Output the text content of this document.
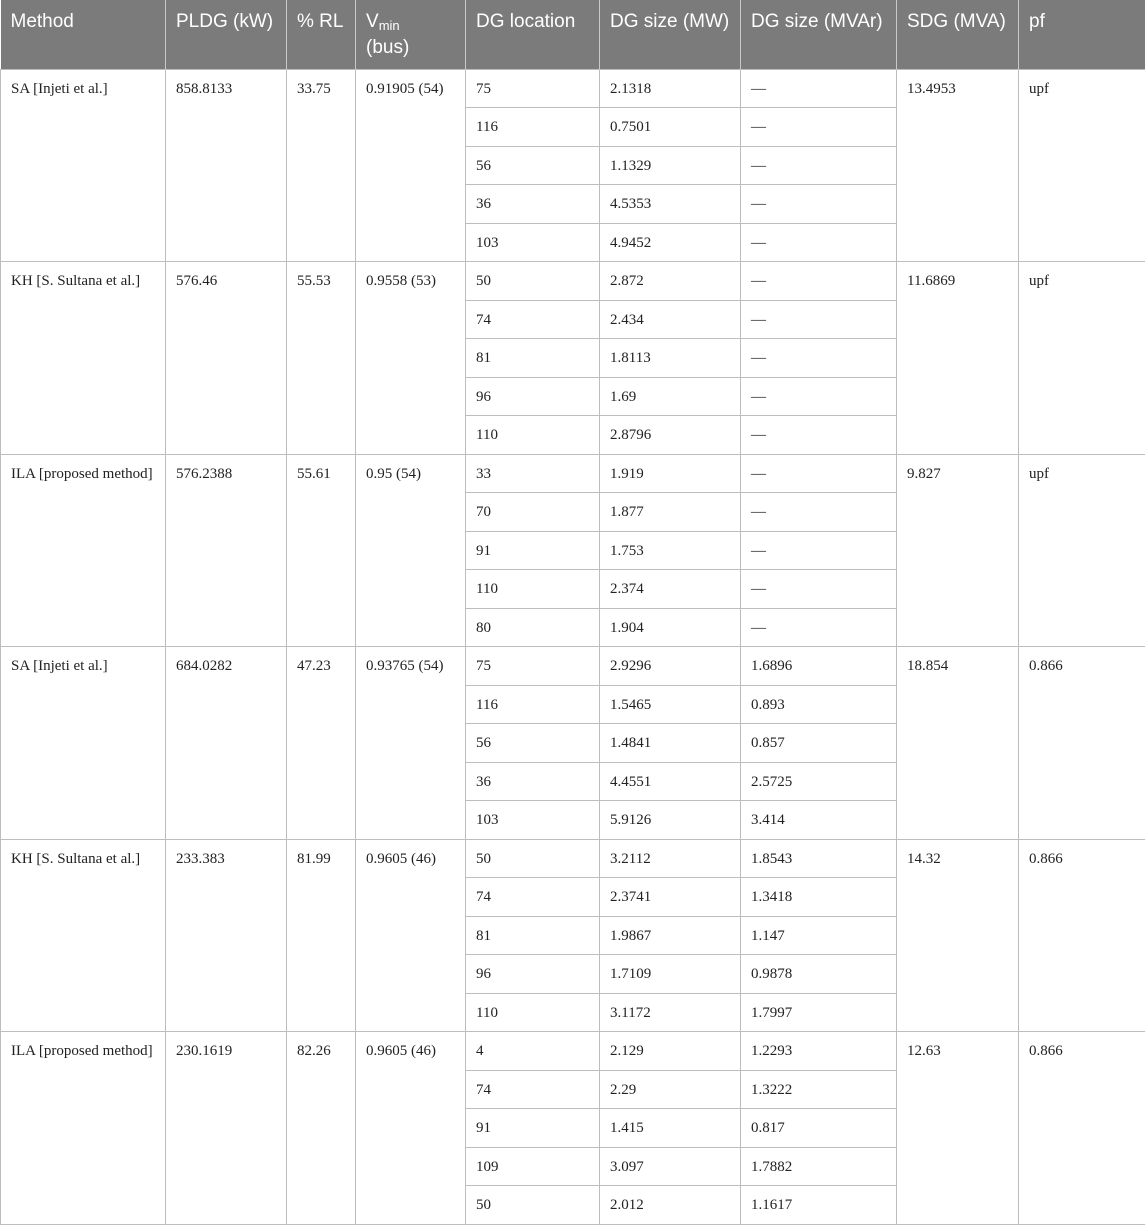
Method	PLDG (kW)	% RL	Vmin
(bus)	DG location	DG size (MW)	DG size (MVAr)	SDG (MVA)	pf
SA [Injeti et al.]	858.8133	33.75	0.91905 (54)	75	2.1318	—	13.4953	upf
				116	0.7501	—		
				56	1.1329	—		
				36	4.5353	—		
				103	4.9452	—		
KH [S. Sultana et al.]	576.46	55.53	0.9558 (53)	50	2.872	—	11.6869	upf
				74	2.434	—		
				81	1.8113	—		
				96	1.69	—		
				110	2.8796	—		
ILA [proposed method]	576.2388	55.61	0.95 (54)	33	1.919	—	9.827	upf
				70	1.877	—		
				91	1.753	—		
				110	2.374	—		
				80	1.904	—		
SA [Injeti et al.]	684.0282	47.23	0.93765 (54)	75	2.9296	1.6896	18.854	0.866
				116	1.5465	0.893		
				56	1.4841	0.857		
				36	4.4551	2.5725		
				103	5.9126	3.414		
KH [S. Sultana et al.]	233.383	81.99	0.9605 (46)	50	3.2112	1.8543	14.32	0.866
				74	2.3741	1.3418		
				81	1.9867	1.147		
				96	1.7109	0.9878		
				110	3.1172	1.7997		
ILA [proposed method]	230.1619	82.26	0.9605 (46)	4	2.129	1.2293	12.63	0.866
				74	2.29	1.3222		
				91	1.415	0.817		
				109	3.097	1.7882		
				50	2.012	1.1617		
